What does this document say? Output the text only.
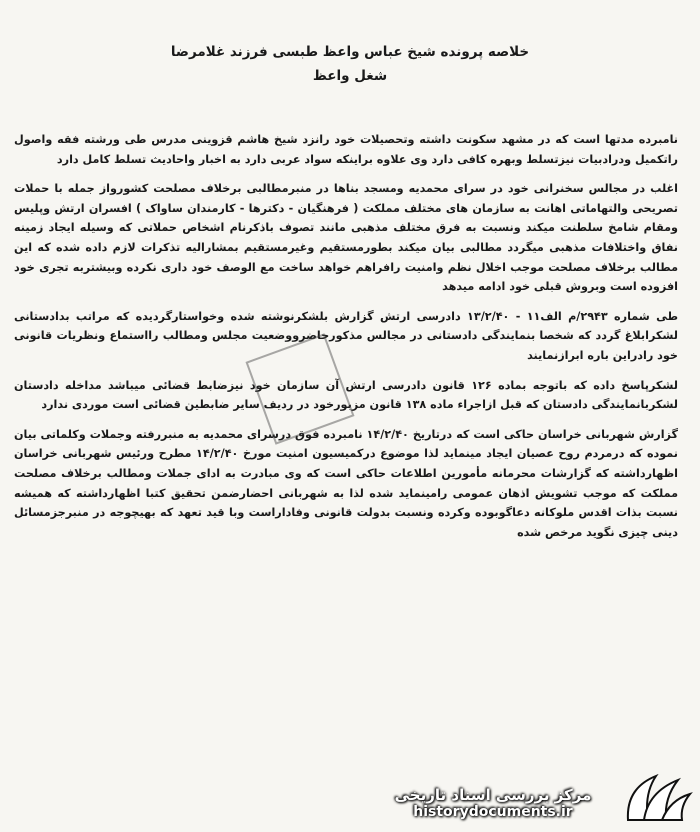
خلاصه پرونده شیخ عباس واعظ طبسی فرزند غلامرضا
شغل واعظ

نامبرده مدتها است که در مشهد سکونت داشته وتحصیلات خود رانزد شیخ هاشم قزوینی مدرس طی ورشته فقه واصول راتکمیل ودرادبیات نیزتسلط وبهره کافی دارد وی علاوه براینکه سواد عربی دارد به اخبار واحادیث تسلط کامل دارد

اغلب در مجالس سخنرانی خود در سرای محمدیه ومسجد بناها در منبرمطالبی برخلاف مصلحت کشورواز جمله با حملات تصریحی والتهاماتی اهانت به سازمان های مختلف مملکت ( فرهنگیان - دکترها - کارمندان ساواک ) افسران ارتش وپلیس ومقام شامخ سلطنت میکند ونسبت به فرق مختلف مذهبی مانند تصوف باذکرنام اشخاص حملاتی که وسیله ایجاد زمینه نفاق واختلافات مذهبی میگردد مطالبی بیان میکند بطورمستقیم وغیرمستقیم بمشارالیه تذکرات لازم داده شده که این مطالب برخلاف مصلحت موجب اخلال نظم وامنیت رافراهم خواهد ساخت مع الوصف خود داری نکرده وبیشتربه تجری خود افزوده است وبروش قبلی خود ادامه میدهد

طی شماره ۲۹۴۳/م الف۱۱ - ۱۳/۲/۴۰ دادرسی ارتش گزارش بلشکرنوشته شده وخواستارگردیده که مراتب بدادستانی لشکرابلاغ گردد که شخصا بنمایندگی دادستانی در مجالس مذکورحاضرووضعیت مجلس ومطالب رااستماع ونظریات قانونی خود رادراین باره ابرازنمایند

لشکرپاسخ داده که باتوجه بماده ۱۲۶ قانون دادرسی ارتش آن سازمان خود نیزضابط قضائی میباشد مداخله دادستان لشکربانمایندگی دادستان که قبل ازاجراء ماده ۱۳۸ قانون مزبورخود در ردیف سایر ضابطین قضائی است موردی ندارد

گزارش شهربانی خراسان حاکی است که درتاریخ ۱۴/۲/۴۰ نامبرده فوق درسرای محمدیه به منبررفته وجملات وکلماتی بیان نموده که درمردم روح عصیان ایجاد مینماید لذا موضوع درکمیسیون امنیت مورخ ۱۴/۲/۴۰ مطرح ورئیس شهربانی خراسان اظهارداشته که گزارشات محرمانه مأمورین اطلاعات حاکی است که وی مبادرت به ادای جملات ومطالب برخلاف مصلحت مملکت که موجب تشویش اذهان عمومی رامینماید شده لذا به شهربانی احضارضمن تحقیق کتبا اظهارداشته که همیشه نسبت بذات اقدس ملوکانه دعاگوبوده وکرده ونسبت بدولت قانونی وفاداراست وبا قید تعهد که بهیچوجه در منبرجزمسائل دینی چیزی نگوید مرخص شده

مرکز بررسی اسناد تاریخی
historydocuments.ir
